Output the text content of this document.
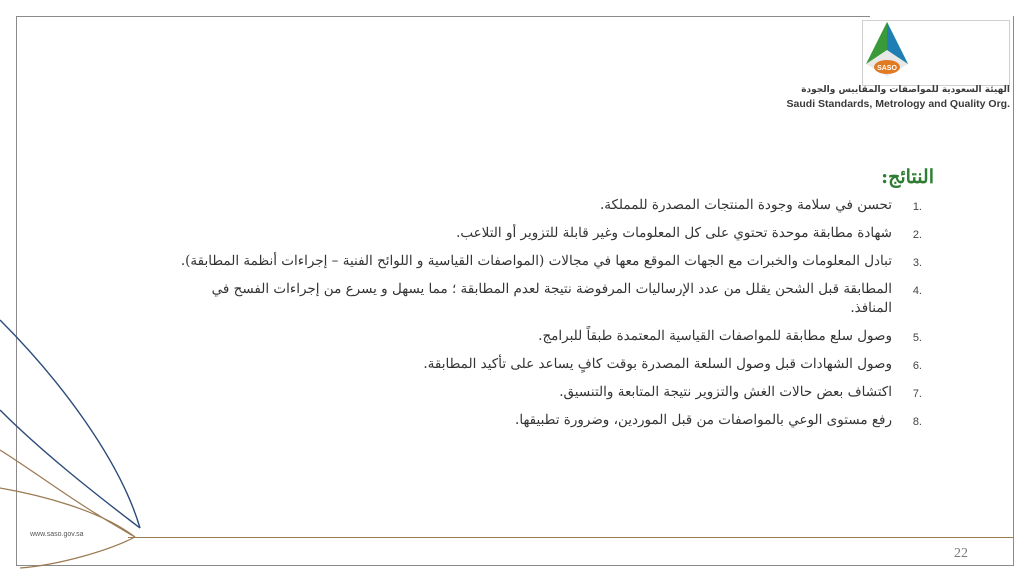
SASO
الهيئة السعودية للمواصفات والمقاييس والجودة
Saudi Standards, Metrology and Quality Org.
www.saso.gov.sa
22
النتائج:
1.
تحسن في سلامة وجودة المنتجات المصدرة للمملكة.
2.
شهادة مطابقة موحدة تحتوي على كل المعلومات وغير قابلة للتزوير أو التلاعب.
3.
تبادل المعلومات والخبرات مع الجهات الموقع معها في مجالات (المواصفات القياسية و اللوائح الفنية – إجراءات أنظمة المطابقة).
4.
المطابقة قبل الشحن يقلل من عدد الإرساليات المرفوضة نتيجة لعدم المطابقة ؛ مما يسهل و يسرع من إجراءات الفسح في المنافذ.
5.
وصول سلع مطابقة للمواصفات القياسية المعتمدة طبقاً للبرامج.
6.
وصول الشهادات قبل وصول السلعة المصدرة بوقت كافٍ يساعد على تأكيد المطابقة.
7.
اكتشاف بعض حالات الغش والتزوير نتيجة المتابعة والتنسيق.
8.
رفع مستوى الوعي بالمواصفات من قبل الموردين، وضرورة تطبيقها.
